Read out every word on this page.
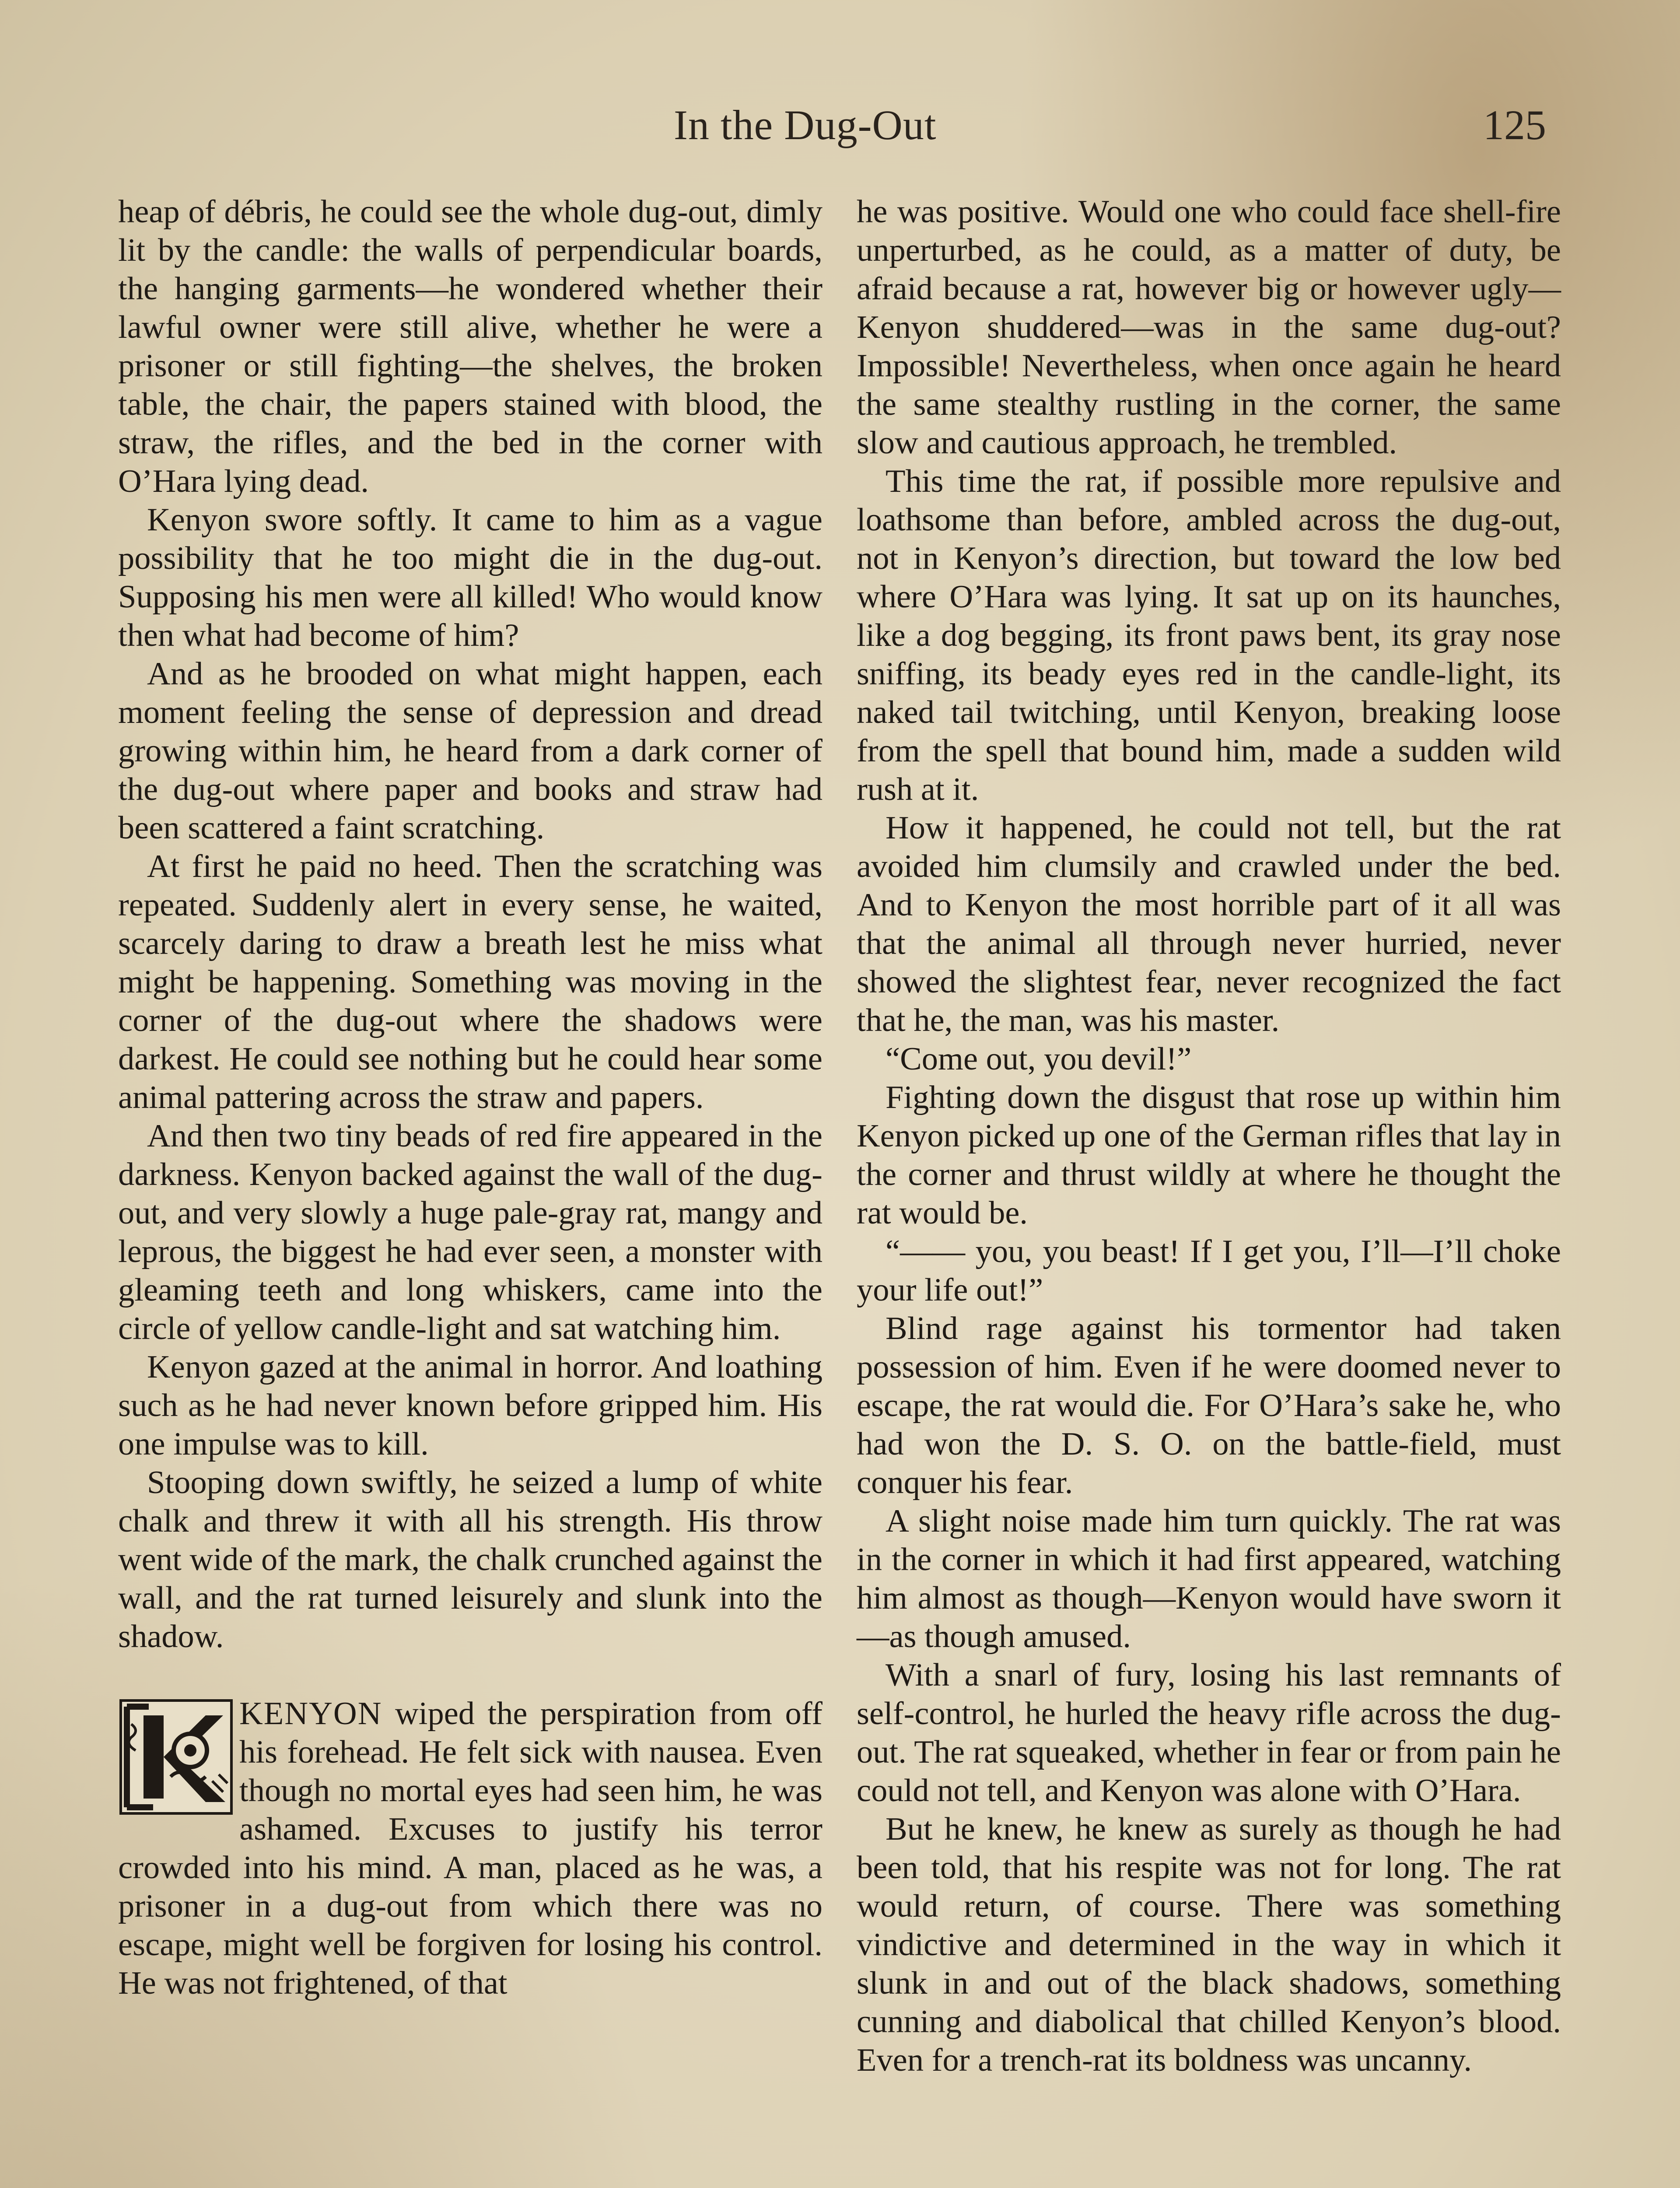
In the Dug-Out	125

heap of débris, he could see the whole dug-out, dimly lit by the candle: the walls of perpendicular boards, the hanging garments—he wondered whether their lawful owner were still alive, whether he were a prisoner or still fighting—the shelves, the broken table, the chair, the papers stained with blood, the straw, the rifles, and the bed in the corner with O’Hara lying dead.

Kenyon swore softly. It came to him as a vague possibility that he too might die in the dug-out. Supposing his men were all killed! Who would know then what had become of him?

And as he brooded on what might happen, each moment feeling the sense of depression and dread growing within him, he heard from a dark corner of the dug-out where paper and books and straw had been scattered a faint scratching.

At first he paid no heed. Then the scratching was repeated. Suddenly alert in every sense, he waited, scarcely daring to draw a breath lest he miss what might be happening. Something was moving in the corner of the dug-out where the shadows were darkest. He could see nothing but he could hear some animal pattering across the straw and papers.

And then two tiny beads of red fire appeared in the darkness. Kenyon backed against the wall of the dug-out, and very slowly a huge pale-gray rat, mangy and leprous, the biggest he had ever seen, a monster with gleaming teeth and long whiskers, came into the circle of yellow candle-light and sat watching him.

Kenyon gazed at the animal in horror. And loathing such as he had never known before gripped him. His one impulse was to kill.

Stooping down swiftly, he seized a lump of white chalk and threw it with all his strength. His throw went wide of the mark, the chalk crunched against the wall, and the rat turned leisurely and slunk into the shadow.

KENYON wiped the perspiration from off his forehead. He felt sick with nausea. Even though no mortal eyes had seen him, he was ashamed. Excuses to justify his terror crowded into his mind. A man, placed as he was, a prisoner in a dug-out from which there was no escape, might well be forgiven for losing his control. He was not frightened, of that

he was positive. Would one who could face shell-fire unperturbed, as he could, as a matter of duty, be afraid because a rat, however big or however ugly—Kenyon shuddered—was in the same dug-out? Impossible! Nevertheless, when once again he heard the same stealthy rustling in the corner, the same slow and cautious approach, he trembled.

This time the rat, if possible more repulsive and loathsome than before, ambled across the dug-out, not in Kenyon’s direction, but toward the low bed where O’Hara was lying. It sat up on its haunches, like a dog begging, its front paws bent, its gray nose sniffing, its beady eyes red in the candle-light, its naked tail twitching, until Kenyon, breaking loose from the spell that bound him, made a sudden wild rush at it.

How it happened, he could not tell, but the rat avoided him clumsily and crawled under the bed. And to Kenyon the most horrible part of it all was that the animal all through never hurried, never showed the slightest fear, never recognized the fact that he, the man, was his master.

“Come out, you devil!”

Fighting down the disgust that rose up within him Kenyon picked up one of the German rifles that lay in the corner and thrust wildly at where he thought the rat would be.

“—— you, you beast! If I get you, I’ll—I’ll choke your life out!”

Blind rage against his tormentor had taken possession of him. Even if he were doomed never to escape, the rat would die. For O’Hara’s sake he, who had won the D. S. O. on the battle-field, must conquer his fear.

A slight noise made him turn quickly. The rat was in the corner in which it had first appeared, watching him almost as though—Kenyon would have sworn it—as though amused.

With a snarl of fury, losing his last remnants of self-control, he hurled the heavy rifle across the dug-out. The rat squeaked, whether in fear or from pain he could not tell, and Kenyon was alone with O’Hara.

But he knew, he knew as surely as though he had been told, that his respite was not for long. The rat would return, of course. There was something vindictive and determined in the way in which it slunk in and out of the black shadows, something cunning and diabolical that chilled Kenyon’s blood. Even for a trench-rat its boldness was uncanny.
